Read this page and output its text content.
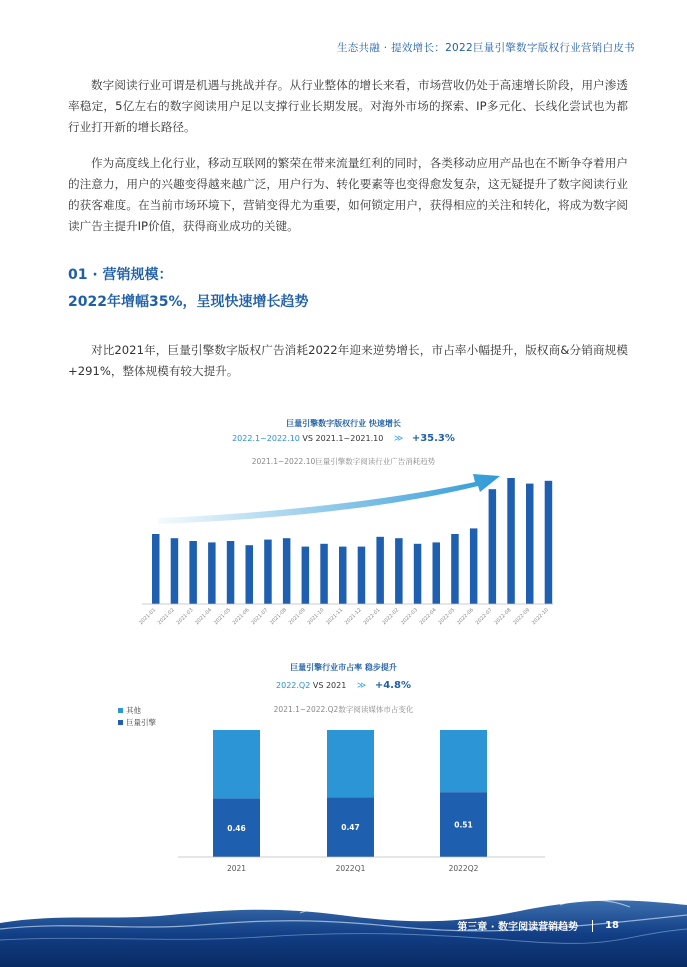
生态共融 · 提效增长：2022巨量引擎数字版权行业营销白皮书

数字阅读行业可谓是机遇与挑战并存。从行业整体的增长来看，市场营收仍处于高速增长阶段，用户渗透率稳定，5亿左右的数字阅读用户足以支撑行业长期发展。对海外市场的探索、IP多元化、长线化尝试也为都行业打开新的增长路径。

作为高度线上化行业，移动互联网的繁荣在带来流量红利的同时，各类移动应用产品也在不断争夺着用户的注意力，用户的兴趣变得越来越广泛，用户行为、转化要素等也变得愈发复杂，这无疑提升了数字阅读行业的获客难度。在当前市场环境下，营销变得尤为重要，如何锁定用户，获得相应的关注和转化，将成为数字阅读广告主提升IP价值，获得商业成功的关键。

01 · 营销规模：
2022年增幅35%，呈现快速增长趋势

对比2021年，巨量引擎数字版权广告消耗2022年迎来逆势增长，市占率小幅提升，版权商&分销商规模+291%，整体规模有较大提升。

巨量引擎数字版权行业 快速增长
2022.1~2022.10 VS 2021.1~2021.10 ≫ +35.3%
2021.1~2022.10巨量引擎数字阅读行业广告消耗趋势
2021-01 2021-02 2021-03 2021-04 2021-05 2021-06 2021-07 2021-08 2021-09 2021-10 2021-11 2021-12 2022-01 2022-02 2022-03 2022-04 2022-05 2022-06 2022-07 2022-08 2022-09 2022-10
巨量引擎行业市占率 稳步提升
2022.Q2 VS 2021 ≫ +4.8%
2021.1~2022.Q2数字阅读媒体市占变化
其他
巨量引擎
0.46	0.47	0.51
2021	2022Q1	2022Q2
第三章 · 数字阅读营销趋势	18
